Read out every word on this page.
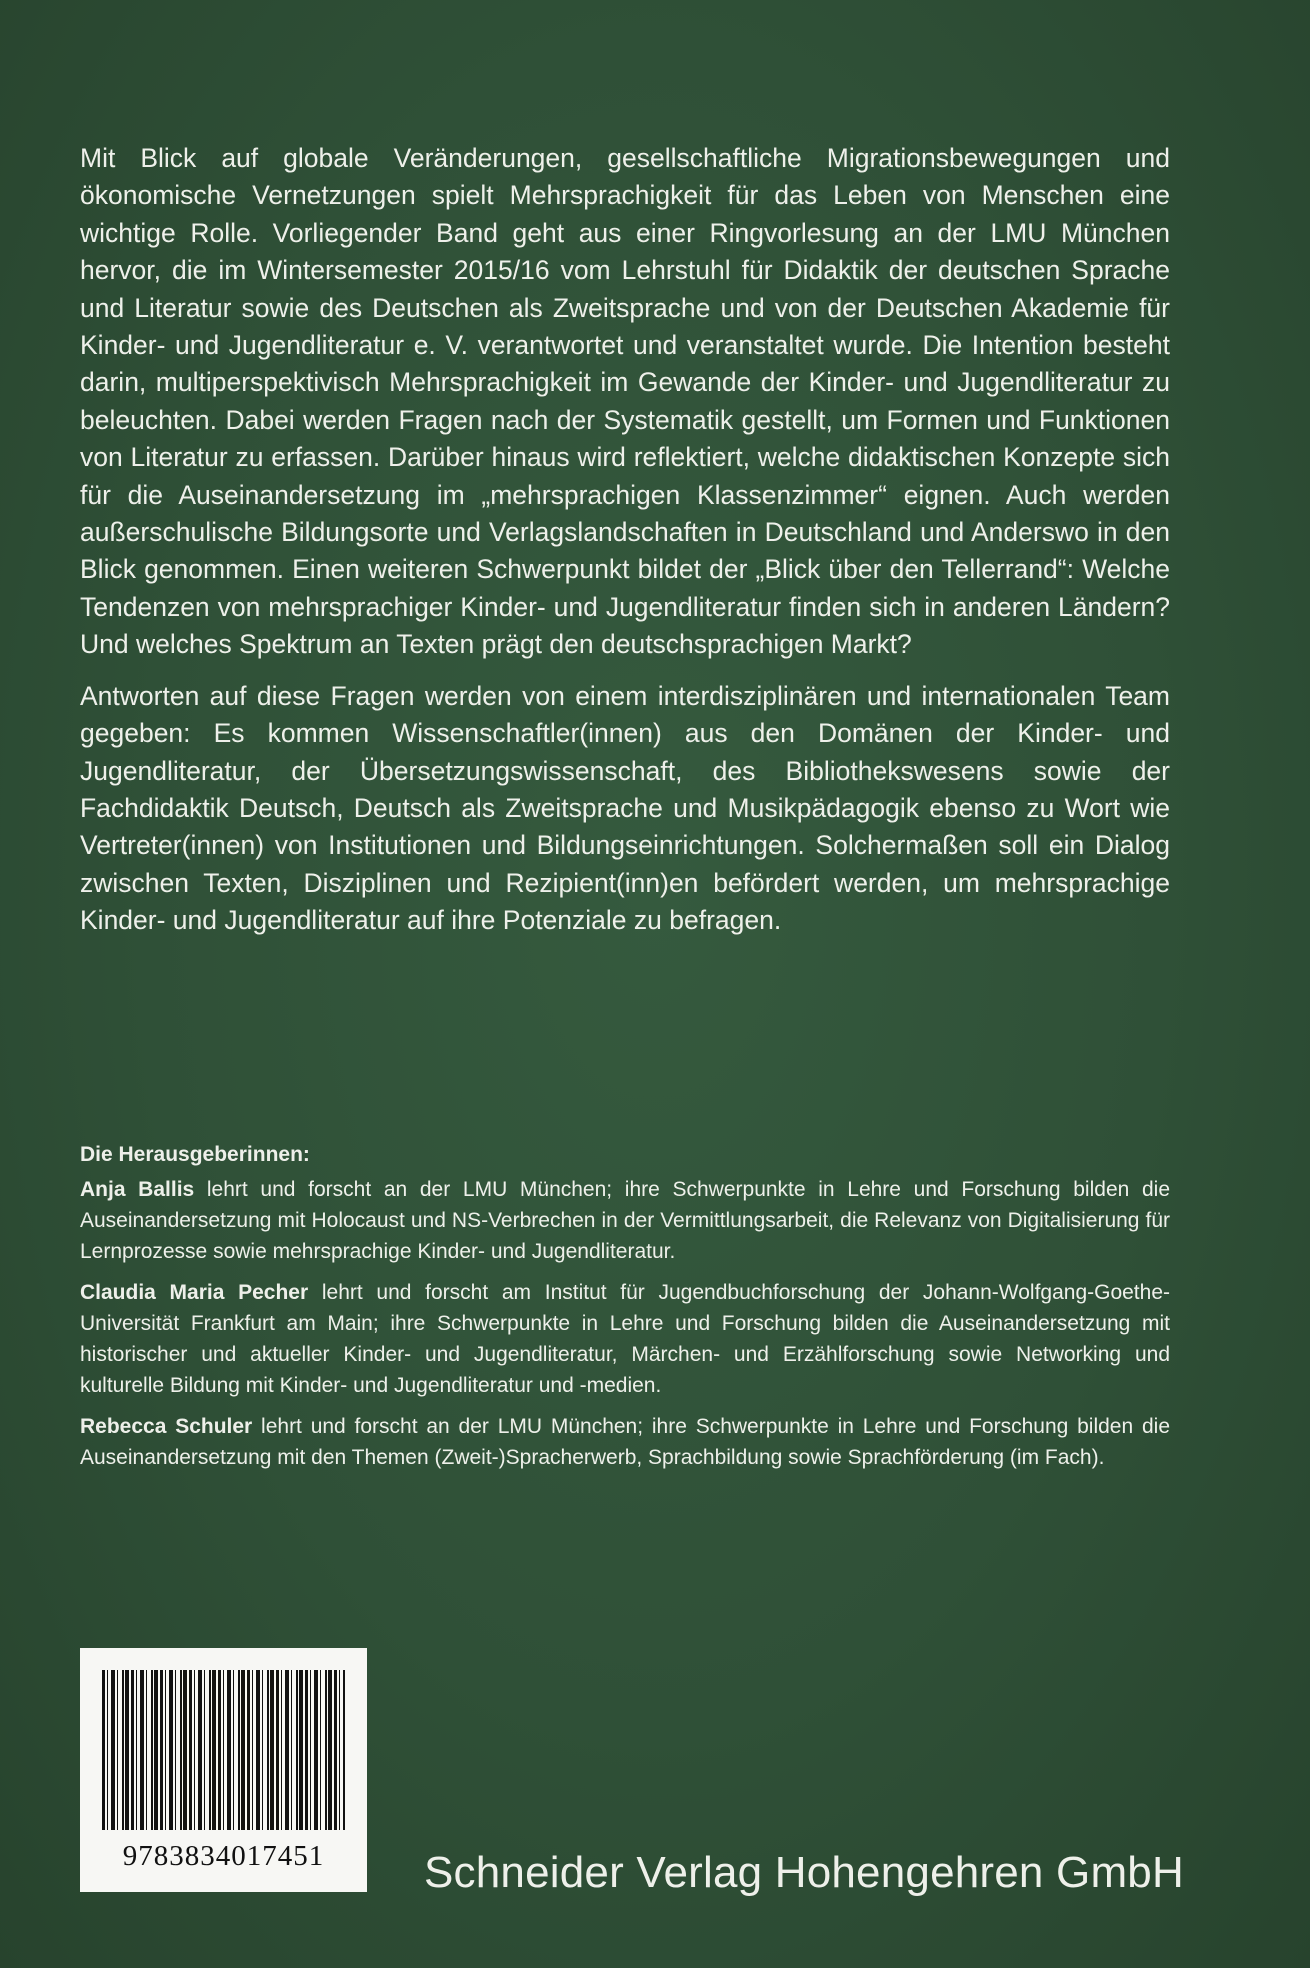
Mit Blick auf globale Veränderungen, gesellschaftliche Migrationsbewegungen und ökonomische Vernetzungen spielt Mehrsprachigkeit für das Leben von Menschen eine wichtige Rolle. Vorliegender Band geht aus einer Ringvorlesung an der LMU München hervor, die im Wintersemester 2015/16 vom Lehrstuhl für Didaktik der deutschen Sprache und Literatur sowie des Deutschen als Zweitsprache und von der Deutschen Akademie für Kinder- und Jugendliteratur e. V. verantwortet und veranstaltet wurde. Die Intention besteht darin, multiperspektivisch Mehrsprachigkeit im Gewande der Kinder- und Jugendliteratur zu beleuchten. Dabei werden Fragen nach der Systematik gestellt, um Formen und Funktionen von Literatur zu erfassen. Darüber hinaus wird reflektiert, welche didaktischen Konzepte sich für die Auseinandersetzung im „mehrsprachigen Klassenzimmer“ eignen. Auch werden außerschulische Bildungsorte und Verlagslandschaften in Deutschland und Anderswo in den Blick genommen. Einen weiteren Schwerpunkt bildet der „Blick über den Tellerrand“: Welche Tendenzen von mehrsprachiger Kinder- und Jugendliteratur finden sich in anderen Ländern? Und welches Spektrum an Texten prägt den deutschsprachigen Markt?

Antworten auf diese Fragen werden von einem interdisziplinären und internationalen Team gegeben: Es kommen Wissenschaftler(innen) aus den Domänen der Kinder- und Jugendliteratur, der Übersetzungswissenschaft, des Bibliothekswesens sowie der Fachdidaktik Deutsch, Deutsch als Zweitsprache und Musikpädagogik ebenso zu Wort wie Vertreter(innen) von Institutionen und Bildungseinrichtungen. Solchermaßen soll ein Dialog zwischen Texten, Disziplinen und Rezipient(inn)en befördert werden, um mehrsprachige Kinder- und Jugendliteratur auf ihre Potenziale zu befragen.

Die Herausgeberinnen:

Anja Ballis lehrt und forscht an der LMU München; ihre Schwerpunkte in Lehre und Forschung bilden die Auseinandersetzung mit Holocaust und NS-Verbrechen in der Vermittlungsarbeit, die Relevanz von Digitalisierung für Lernprozesse sowie mehrsprachige Kinder- und Jugendliteratur.

Claudia Maria Pecher lehrt und forscht am Institut für Jugendbuchforschung der Johann-Wolfgang-Goethe-Universität Frankfurt am Main; ihre Schwerpunkte in Lehre und Forschung bilden die Auseinandersetzung mit historischer und aktueller Kinder- und Jugendliteratur, Märchen- und Erzählforschung sowie Networking und kulturelle Bildung mit Kinder- und Jugendliteratur und -medien.

Rebecca Schuler lehrt und forscht an der LMU München; ihre Schwerpunkte in Lehre und Forschung bilden die Auseinandersetzung mit den Themen (Zweit-)Spracherwerb, Sprachbildung sowie Sprachförderung (im Fach).

9783834017451	Schneider Verlag Hohengehren GmbH
